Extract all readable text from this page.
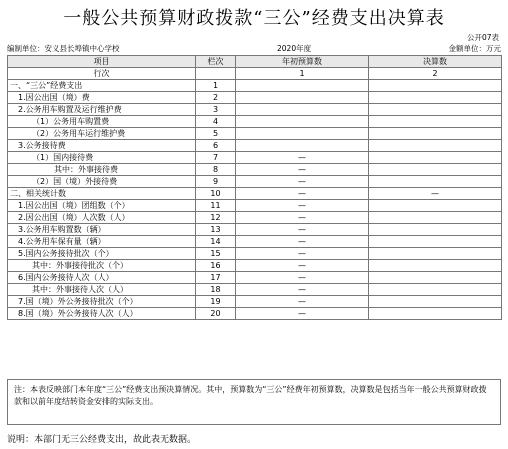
一般公共预算财政拨款“三公”经费支出决算表
公开07表
编制单位：安义县长埠镇中心学校	2020年度	金额单位：万元
项目	栏次	年初预算数	决算数
行次		1	2
一、“三公”经费支出	1		
1.因公出国（境）费	2		
2.公务用车购置及运行维护费	3		
（1）公务用车购置费	4		
（2）公务用车运行维护费	5		
3.公务接待费	6		
（1）国内接待费	7	—	
其中：外事接待费	8	—	
（2）国（境）外接待费	9	—	
二、相关统计数	10	—	—
1.因公出国（境）团组数（个）	11	—	
2.因公出国（境）人次数（人）	12	—	
3.公务用车购置数（辆）	13	—	
4.公务用车保有量（辆）	14	—	
5.国内公务接待批次（个）	15	—	
其中：外事接待批次（个）	16	—	
6.国内公务接待人次（人）	17	—	
其中：外事接待人次（人）	18	—	
7.国（境）外公务接待批次（个）	19	—	
8.国（境）外公务接待人次（人）	20	—	
注：本表反映部门本年度“三公”经费支出预决算情况。其中，预算数为“三公”经费年初预算数，决算数是包括当年一般公共预算财政拨款和以前年度结转资金安排的实际支出。
说明：本部门无三公经费支出，故此表无数据。
